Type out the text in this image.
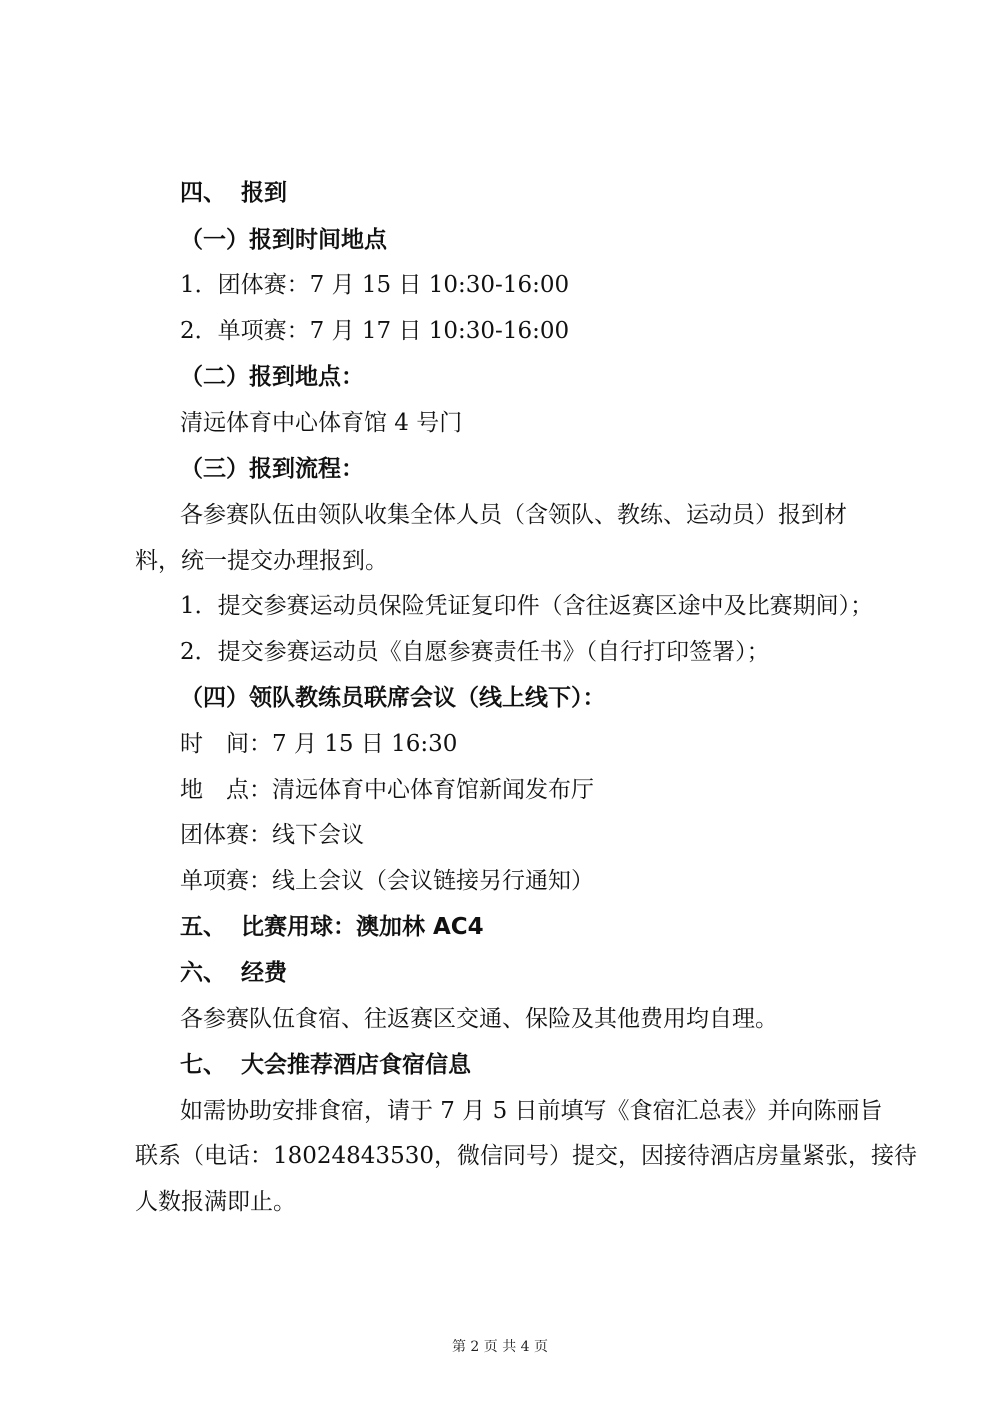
四、 报到
（一）报到时间地点
1．团体赛：7 月 15 日 10:30-16:00
2．单项赛：7 月 17 日 10:30-16:00
（二）报到地点：
清远体育中心体育馆 4 号门
（三）报到流程：
各参赛队伍由领队收集全体人员（含领队、教练、运动员）报到材
料，统一提交办理报到。
1．提交参赛运动员保险凭证复印件（含往返赛区途中及比赛期间）；
2．提交参赛运动员《自愿参赛责任书》（自行打印签署）；
（四）领队教练员联席会议（线上线下）：
时　间：7 月 15 日 16:30
地　点：清远体育中心体育馆新闻发布厅
团体赛：线下会议
单项赛：线上会议（会议链接另行通知）
五、 比赛用球：澳加林 AC4
六、 经费
各参赛队伍食宿、往返赛区交通、保险及其他费用均自理。
七、 大会推荐酒店食宿信息
如需协助安排食宿，请于 7 月 5 日前填写《食宿汇总表》并向陈丽旨
联系（电话：18024843530，微信同号）提交，因接待酒店房量紧张，接待
人数报满即止。
第 2 页 共 4 页
